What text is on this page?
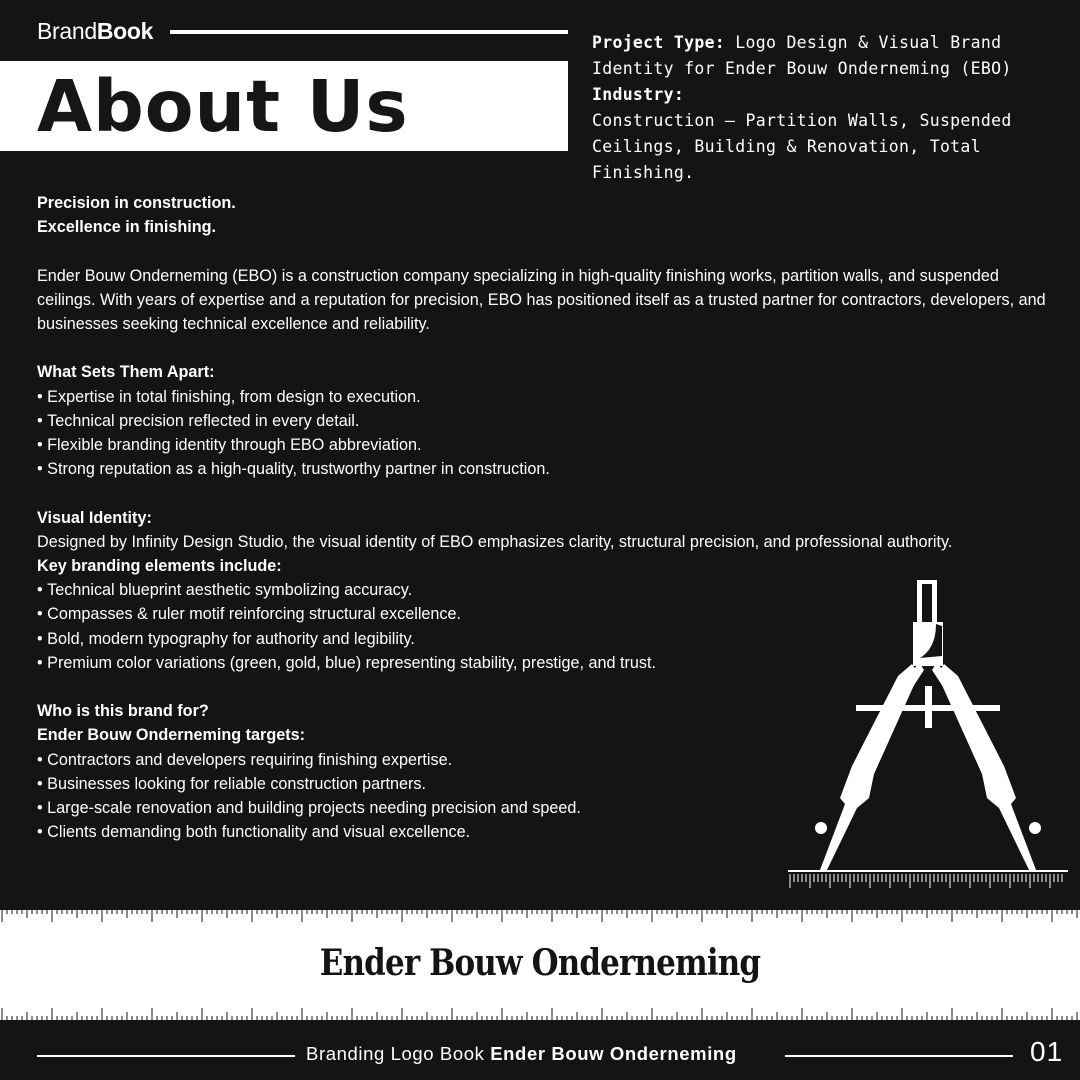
BrandBook
About Us

Project Type: Logo Design & Visual Brand Identity for Ender Bouw Onderneming (EBO)

Industry:

Construction – Partition Walls, Suspended Ceilings, Building & Renovation, Total Finishing.

Precision in construction.

Excellence in finishing.

Ender Bouw Onderneming (EBO) is a construction company specializing in high-quality finishing works, partition walls, and suspended ceilings. With years of expertise and a reputation for precision, EBO has positioned itself as a trusted partner for contractors, developers, and businesses seeking technical excellence and reliability.

What Sets Them Apart:

• Expertise in total finishing, from design to execution.
• Technical precision reflected in every detail.
• Flexible branding identity through EBO abbreviation.
• Strong reputation as a high-quality, trustworthy partner in construction.

Visual Identity:

Designed by Infinity Design Studio, the visual identity of EBO emphasizes clarity, structural precision, and professional authority.

Key branding elements include:

• Technical blueprint aesthetic symbolizing accuracy.
• Compasses & ruler motif reinforcing structural excellence.
• Bold, modern typography for authority and legibility.
• Premium color variations (green, gold, blue) representing stability, prestige, and trust.

Who is this brand for?

Ender Bouw Onderneming targets:

• Contractors and developers requiring finishing expertise.
• Businesses looking for reliable construction partners.
• Large-scale renovation and building projects needing precision and speed.
• Clients demanding both functionality and visual excellence.
Ender Bouw Onderneming
Branding Logo Book Ender Bouw Onderneming	01
